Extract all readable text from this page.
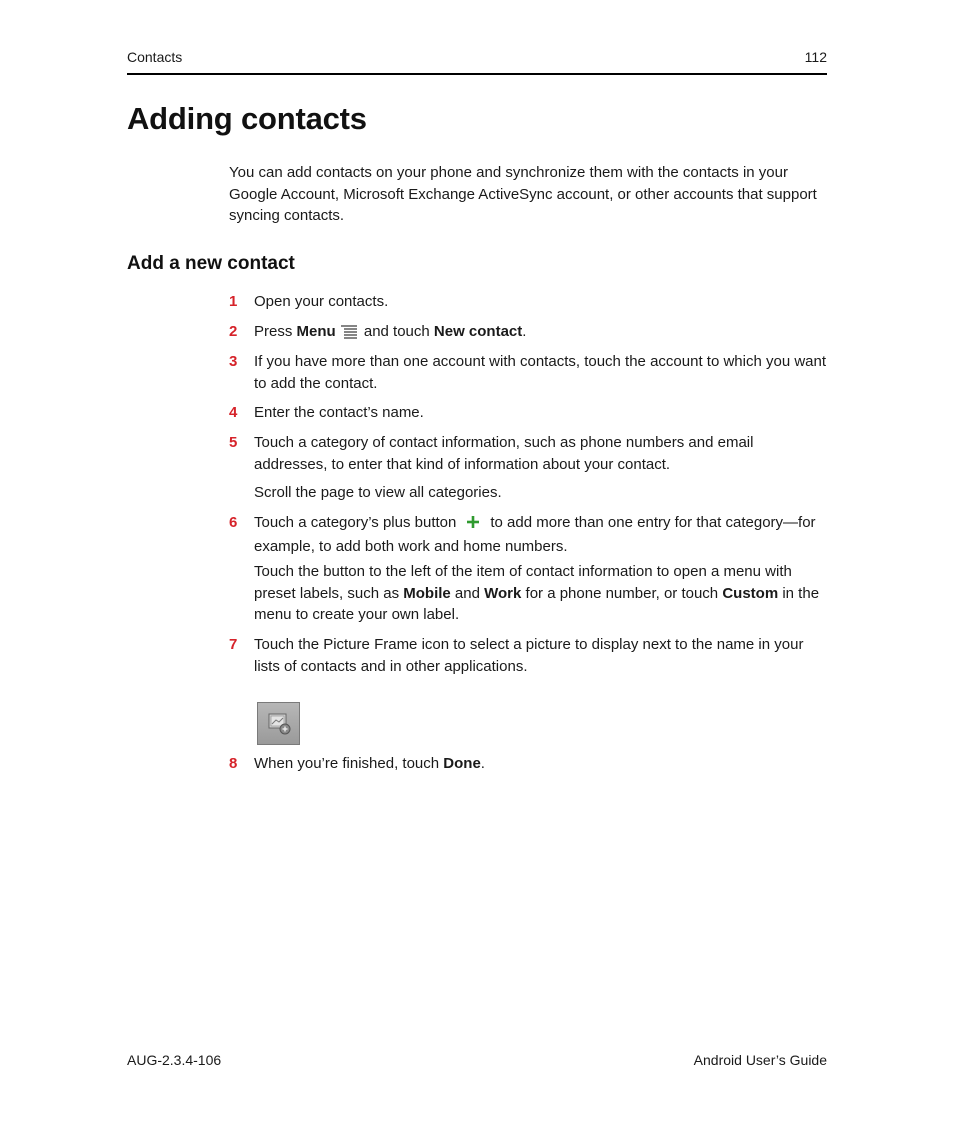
Contacts	112
Adding contacts

You can add contacts on your phone and synchronize them with the contacts in your Google Account, Microsoft Exchange ActiveSync account, or other accounts that support syncing contacts.

Add a new contact
1 Open your contacts.
2 Press Menu and touch New contact.
3 If you have more than one account with contacts, touch the account to which you want to add the contact.
4 Enter the contact’s name.
5 Touch a category of contact information, such as phone numbers and email addresses, to enter that kind of information about your contact.
Scroll the page to view all categories.
6 Touch a category’s plus button to add more than one entry for that category—for example, to add both work and home numbers.
Touch the button to the left of the item of contact information to open a menu with preset labels, such as Mobile and Work for a phone number, or touch Custom in the menu to create your own label.
7 Touch the Picture Frame icon to select a picture to display next to the name in your lists of contacts and in other applications.
8 When you’re finished, touch Done.
AUG-2.3.4-106	Android User’s Guide
